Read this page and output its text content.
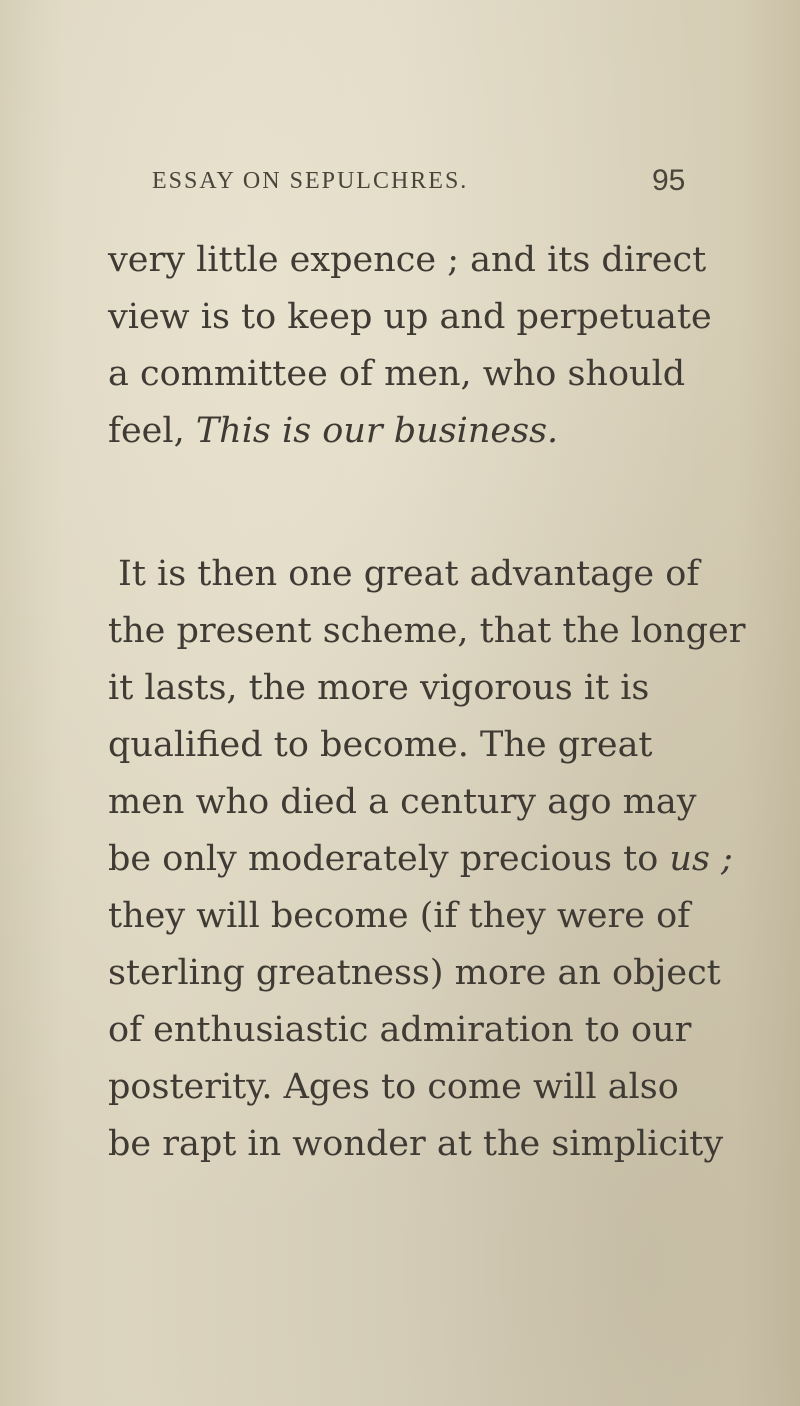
ESSAY ON SEPULCHRES.	95
very little expence ; and its direct
view is to keep up and perpetuate
a committee of men, who should
feel, This is our business.
It is then one great advantage of
the present scheme, that the longer
it lasts, the more vigorous it is
qualified to become. The great
men who died a century ago may
be only moderately precious to us ;
they will become (if they were of
sterling greatness) more an object
of enthusiastic admiration to our
posterity. Ages to come will also
be rapt in wonder at the simplicity
